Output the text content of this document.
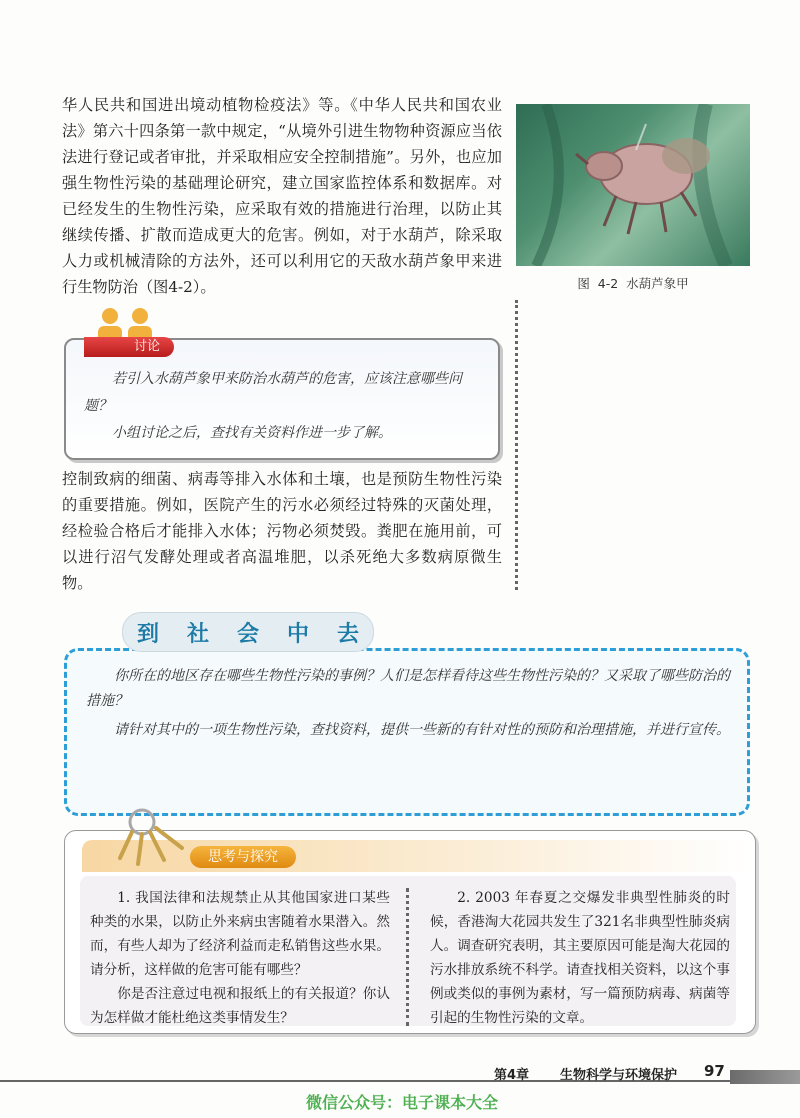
华人民共和国进出境动植物检疫法》等。《中华人民共和国农业法》第六十四条第一款中规定，“从境外引进生物物种资源应当依法进行登记或者审批，并采取相应安全控制措施”。另外，也应加强生物性污染的基础理论研究，建立国家监控体系和数据库。对已经发生的生物性污染，应采取有效的措施进行治理，以防止其继续传播、扩散而造成更大的危害。例如，对于水葫芦，除采取人力或机械清除的方法外，还可以利用它的天敌水葫芦象甲来进行生物防治（图4-2）。	图 4-2 水葫芦象甲
讨论

若引入水葫芦象甲来防治水葫芦的危害，应该注意哪些问题？

小组讨论之后，查找有关资料作进一步了解。

控制致病的细菌、病毒等排入水体和土壤，也是预防生物性污染的重要措施。例如，医院产生的污水必须经过特殊的灭菌处理，经检验合格后才能排入水体；污物必须焚毁。粪肥在施用前，可以进行沼气发酵处理或者高温堆肥，以杀死绝大多数病原微生物。

到 社 会 中 去

你所在的地区存在哪些生物性污染的事例？人们是怎样看待这些生物性污染的？又采取了哪些防治的措施？

请针对其中的一项生物性污染，查找资料，提供一些新的有针对性的预防和治理措施，并进行宣传。

思考与探究

1. 我国法律和法规禁止从其他国家进口某些种类的水果，以防止外来病虫害随着水果潜入。然而，有些人却为了经济利益而走私销售这些水果。请分析，这样做的危害可能有哪些？

你是否注意过电视和报纸上的有关报道？你认为怎样做才能杜绝这类事情发生？

2. 2003 年春夏之交爆发非典型性肺炎的时候，香港淘大花园共发生了321名非典型性肺炎病人。调查研究表明，其主要原因可能是淘大花园的污水排放系统不科学。请查找相关资料，以这个事例或类似的事例为素材，写一篇预防病毒、病菌等引起的生物性污染的文章。

第4章 生物科学与环境保护 97
微信公众号：电子课本大全
